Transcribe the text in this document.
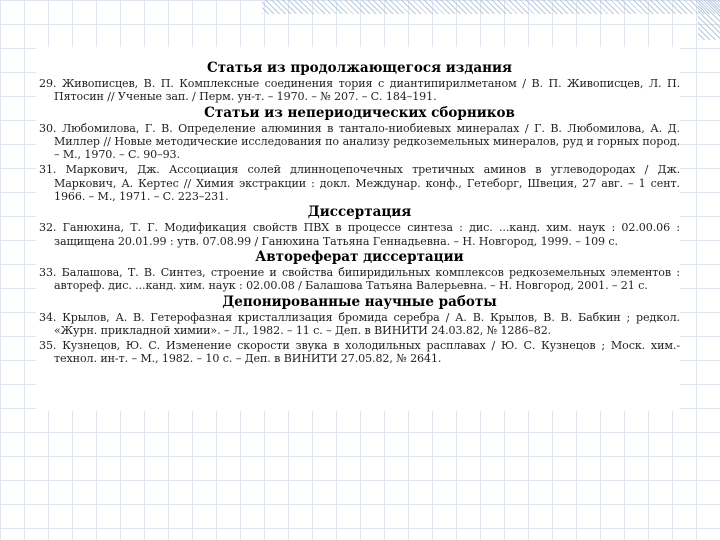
Статья из продолжающегося издания

29. Живописцев, В. П. Комплексные соединения тория с диантипирилметаном / В. П. Живописцев, Л. П. Пятосин // Ученые зап. / Перм. ун-т. – 1970. – № 207. – С. 184–191.

Статьи из непериодических сборников

30. Любомилова, Г. В. Определение алюминия в тантало-ниобиевых минералах / Г. В. Любомилова, А. Д. Миллер // Новые методические исследования по анализу редкоземельных минералов, руд и горных пород. – М., 1970. – С. 90–93.

31. Маркович, Дж. Ассоциация солей длинноцепочечных третичных аминов в углеводородах / Дж. Маркович, А. Кертес // Химия экстракции : докл. Междунар. конф., Гетеборг, Швеция, 27 авг. – 1 сент. 1966. – М., 1971. – С. 223–231.

Диссертация

32. Ганюхина, Т. Г. Модификация свойств ПВХ в процессе синтеза : дис. ...канд. хим. наук : 02.00.06 : защищена 20.01.99 : утв. 07.08.99 / Ганюхина Татьяна Геннадьевна. – Н. Новгород, 1999. – 109 с.

Автореферат диссертации

33. Балашова, Т. В. Синтез, строение и свойства бипиридильных комплексов редкоземельных элементов : автореф. дис. ...канд. хим. наук : 02.00.08 / Балашова Татьяна Валерьевна. – Н. Новгород, 2001. – 21 с.

Депонированные научные работы

34. Крылов, А. В. Гетерофазная кристаллизация бромида серебра / А. В. Крылов, В. В. Бабкин ; редкол. «Журн. прикладной химии». – Л., 1982. – 11 с. – Деп. в ВИНИТИ 24.03.82, № 1286–82.

35. Кузнецов, Ю. С. Изменение скорости звука в холодильных расплавах / Ю. С. Кузнецов ; Моск. хим.-технол. ин-т. – М., 1982. – 10 с. – Деп. в ВИНИТИ 27.05.82, № 2641.
